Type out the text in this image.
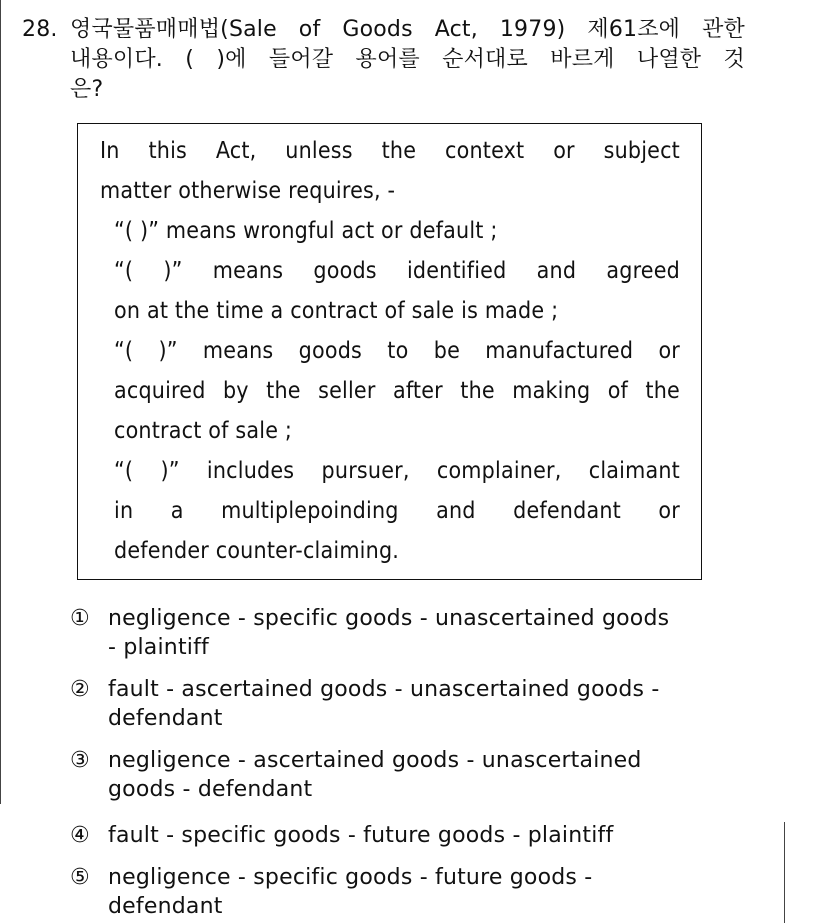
28. 영국물품매매법(Sale of Goods Act, 1979) 제61조에 관한
내용이다. ( )에 들어갈 용어를 순서대로 바르게 나열한 것
은?
In this Act, unless the context or subject
matter otherwise requires, -
“( )” means wrongful act or default ;
“( )” means goods identified and agreed
on at the time a contract of sale is made ;
“( )” means goods to be manufactured or
acquired by the seller after the making of the
contract of sale ;
“( )” includes pursuer, complainer, claimant
in a multiplepoinding and defendant or
defender counter-claiming.
① negligence - specific goods - unascertained goods
- plaintiff
② fault - ascertained goods - unascertained goods -
defendant
③ negligence - ascertained goods - unascertained
goods - defendant
④ fault - specific goods - future goods - plaintiff
⑤ negligence - specific goods - future goods -
defendant
